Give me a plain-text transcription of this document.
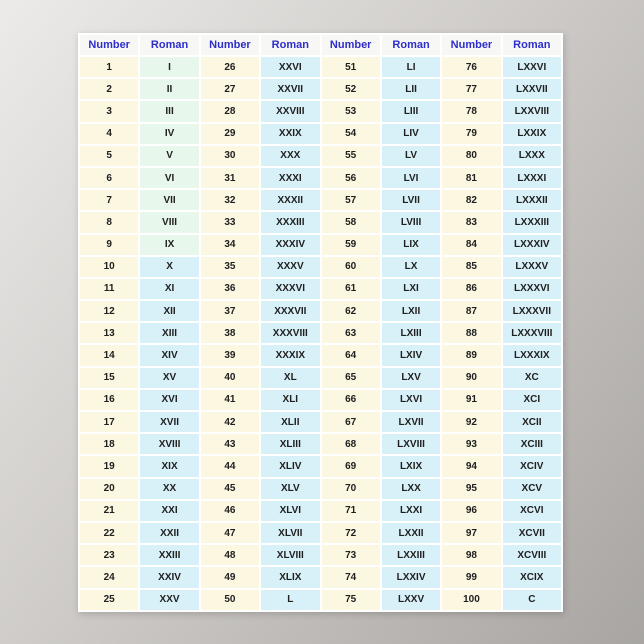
Number	Roman	Number	Roman	Number	Roman	Number	Roman
1	I	26	XXVI	51	LI	76	LXXVI
2	II	27	XXVII	52	LII	77	LXXVII
3	III	28	XXVIII	53	LIII	78	LXXVIII
4	IV	29	XXIX	54	LIV	79	LXXIX
5	V	30	XXX	55	LV	80	LXXX
6	VI	31	XXXI	56	LVI	81	LXXXI
7	VII	32	XXXII	57	LVII	82	LXXXII
8	VIII	33	XXXIII	58	LVIII	83	LXXXIII
9	IX	34	XXXIV	59	LIX	84	LXXXIV
10	X	35	XXXV	60	LX	85	LXXXV
11	XI	36	XXXVI	61	LXI	86	LXXXVI
12	XII	37	XXXVII	62	LXII	87	LXXXVII
13	XIII	38	XXXVIII	63	LXIII	88	LXXXVIII
14	XIV	39	XXXIX	64	LXIV	89	LXXXIX
15	XV	40	XL	65	LXV	90	XC
16	XVI	41	XLI	66	LXVI	91	XCI
17	XVII	42	XLII	67	LXVII	92	XCII
18	XVIII	43	XLIII	68	LXVIII	93	XCIII
19	XIX	44	XLIV	69	LXIX	94	XCIV
20	XX	45	XLV	70	LXX	95	XCV
21	XXI	46	XLVI	71	LXXI	96	XCVI
22	XXII	47	XLVII	72	LXXII	97	XCVII
23	XXIII	48	XLVIII	73	LXXIII	98	XCVIII
24	XXIV	49	XLIX	74	LXXIV	99	XCIX
25	XXV	50	L	75	LXXV	100	C
